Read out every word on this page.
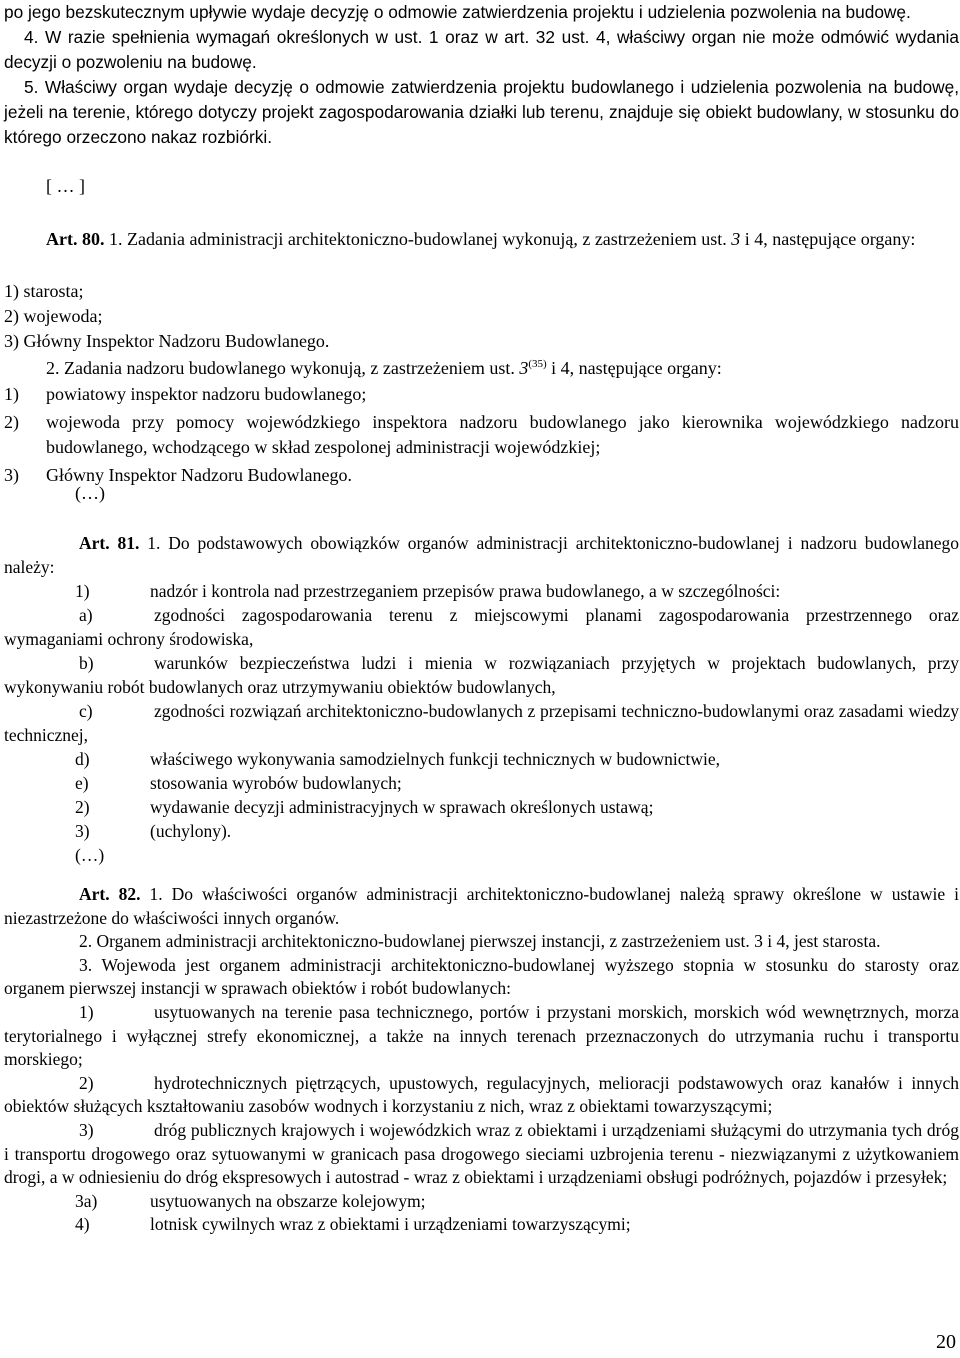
po jego bezskutecznym upływie wydaje decyzję o odmowie zatwierdzenia projektu i udzielenia pozwolenia na budowę.

4. W razie spełnienia wymagań określonych w ust. 1 oraz w art. 32 ust. 4, właściwy organ nie może odmówić wydania decyzji o pozwoleniu na budowę.

5. Właściwy organ wydaje decyzję o odmowie zatwierdzenia projektu budowlanego i udzielenia pozwolenia na budowę, jeżeli na terenie, którego dotyczy projekt zagospodarowania działki lub terenu, znajduje się obiekt budowlany, w stosunku do którego orzeczono nakaz rozbiórki.

[ … ]

Art. 80. 1. Zadania administracji architektoniczno-budowlanej wykonują, z zastrzeżeniem ust. 3 i 4, następujące organy:

1) starosta;

2) wojewoda;

3) Główny Inspektor Nadzoru Budowlanego.

2. Zadania nadzoru budowlanego wykonują, z zastrzeżeniem ust. 3$^{(35)}$ i 4, następujące organy:

1)	powiatowy inspektor nadzoru budowlanego;
2)	wojewoda przy pomocy wojewódzkiego inspektora nadzoru budowlanego jako kierownika wojewódzkiego nadzoru budowlanego, wchodzącego w skład zespolonej administracji wojewódzkiej;
3)	Główny Inspektor Nadzoru Budowlanego.

(…)

Art. 81. 1. Do podstawowych obowiązków organów administracji architektoniczno-budowlanej i nadzoru budowlanego należy:

1)	nadzór i kontrola nad przestrzeganiem przepisów prawa budowlanego, a w szczególności:

a)	zgodności zagospodarowania terenu z miejscowymi planami zagospodarowania przestrzennego oraz wymaganiami ochrony środowiska,

b)	warunków bezpieczeństwa ludzi i mienia w rozwiązaniach przyjętych w projektach budowlanych, przy wykonywaniu robót budowlanych oraz utrzymywaniu obiektów budowlanych,

c)	zgodności rozwiązań architektoniczno-budowlanych z przepisami techniczno-budowlanymi oraz zasadami wiedzy technicznej,

d)	właściwego wykonywania samodzielnych funkcji technicznych w budownictwie,
e)	stosowania wyrobów budowlanych;
2)	wydawanie decyzji administracyjnych w sprawach określonych ustawą;
3)	(uchylony).

(…)

Art. 82. 1. Do właściwości organów administracji architektoniczno-budowlanej należą sprawy określone w ustawie i niezastrzeżone do właściwości innych organów.

2. Organem administracji architektoniczno-budowlanej pierwszej instancji, z zastrzeżeniem ust. 3 i 4, jest starosta.

3. Wojewoda jest organem administracji architektoniczno-budowlanej wyższego stopnia w stosunku do starosty oraz organem pierwszej instancji w sprawach obiektów i robót budowlanych:

1)	usytuowanych na terenie pasa technicznego, portów i przystani morskich, morskich wód wewnętrznych, morza terytorialnego i wyłącznej strefy ekonomicznej, a także na innych terenach przeznaczonych do utrzymania ruchu i transportu morskiego;

2)	hydrotechnicznych piętrzących, upustowych, regulacyjnych, melioracji podstawowych oraz kanałów i innych obiektów służących kształtowaniu zasobów wodnych i korzystaniu z nich, wraz z obiektami towarzyszącymi;

3)	dróg publicznych krajowych i wojewódzkich wraz z obiektami i urządzeniami służącymi do utrzymania tych dróg i transportu drogowego oraz sytuowanymi w granicach pasa drogowego sieciami uzbrojenia terenu - niezwiązanymi z użytkowaniem drogi, a w odniesieniu do dróg ekspresowych i autostrad - wraz z obiektami i urządzeniami obsługi podróżnych, pojazdów i przesyłek;

3a)	usytuowanych na obszarze kolejowym;
4)	lotnisk cywilnych wraz z obiektami i urządzeniami towarzyszącymi;
20
